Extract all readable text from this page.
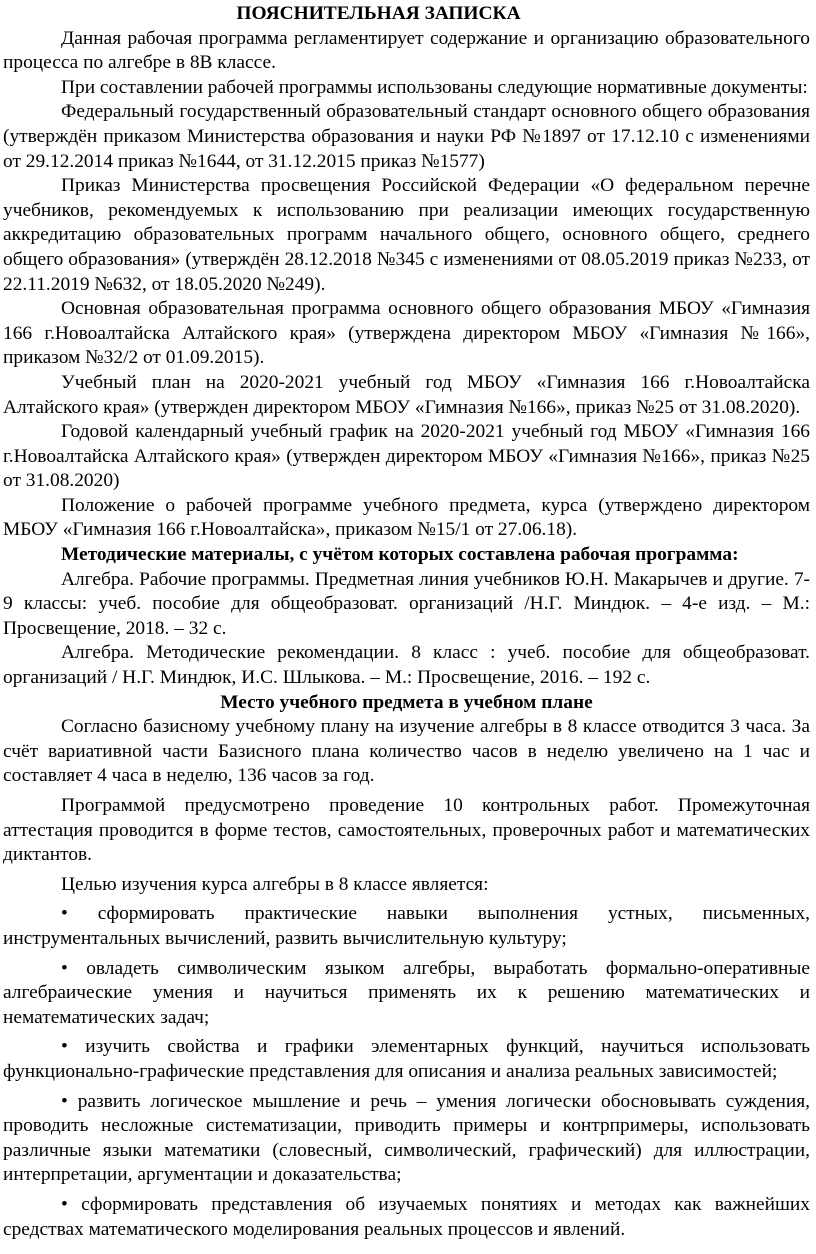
ПОЯСНИТЕЛЬНАЯ ЗАПИСКА

Данная рабочая программа регламентирует содержание и организацию образовательного процесса по алгебре в 8В классе.

При составлении рабочей программы использованы следующие нормативные документы:

Федеральный государственный образовательный стандарт основного общего образования (утверждён приказом Министерства образования и науки РФ №1897 от 17.12.10 с изменениями от 29.12.2014 приказ №1644, от 31.12.2015 приказ №1577)

Приказ Министерства просвещения Российской Федерации «О федеральном перечне учебников, рекомендуемых к использованию при реализации имеющих государственную аккредитацию образовательных программ начального общего, основного общего, среднего общего образования» (утверждён 28.12.2018 №345 с изменениями от 08.05.2019 приказ №233, от 22.11.2019 №632, от 18.05.2020 №249).

Основная образовательная программа основного общего образования МБОУ «Гимназия 166 г.Новоалтайска Алтайского края» (утверждена директором МБОУ «Гимназия №166», приказом №32/2 от 01.09.2015).

Учебный план на 2020-2021 учебный год МБОУ «Гимназия 166 г.Новоалтайска Алтайского края» (утвержден директором МБОУ «Гимназия №166», приказ №25 от 31.08.2020).

Годовой календарный учебный график на 2020-2021 учебный год МБОУ «Гимназия 166 г.Новоалтайска Алтайского края» (утвержден директором МБОУ «Гимназия №166», приказ №25 от 31.08.2020)

Положение о рабочей программе учебного предмета, курса (утверждено директором МБОУ «Гимназия 166 г.Новоалтайска», приказом №15/1 от 27.06.18).

Методические материалы, с учётом которых составлена рабочая программа:

Алгебра. Рабочие программы. Предметная линия учебников Ю.Н. Макарычев и другие. 7-9 классы: учеб. пособие для общеобразоват. организаций /Н.Г. Миндюк. – 4-е изд. – М.: Просвещение, 2018. – 32 с.

Алгебра. Методические рекомендации. 8 класс : учеб. пособие для общеобразоват. организаций / Н.Г. Миндюк, И.С. Шлыкова. – М.: Просвещение, 2016. – 192 с.

Место учебного предмета в учебном плане

Согласно базисному учебному плану на изучение алгебры в 8 классе отводится 3 часа. За счёт вариативной части Базисного плана количество часов в неделю увеличено на 1 час и составляет 4 часа в неделю, 136 часов за год.

Программой предусмотрено проведение 10 контрольных работ. Промежуточная аттестация проводится в форме тестов, самостоятельных, проверочных работ и математических диктантов.

Целью изучения курса алгебры в 8 классе является:

• сформировать практические навыки выполнения устных, письменных, инструментальных вычислений, развить вычислительную культуру;

• овладеть символическим языком алгебры, выработать формально-оперативные алгебраические умения и научиться применять их к решению математических и нематематических задач;

• изучить свойства и графики элементарных функций, научиться использовать функционально-графические представления для описания и анализа реальных зависимостей;

• развить логическое мышление и речь – умения логически обосновывать суждения, проводить несложные систематизации, приводить примеры и контрпримеры, использовать различные языки математики (словесный, символический, графический) для иллюстрации, интерпретации, аргументации и доказательства;

• сформировать представления об изучаемых понятиях и методах как важнейших средствах математического моделирования реальных процессов и явлений.
